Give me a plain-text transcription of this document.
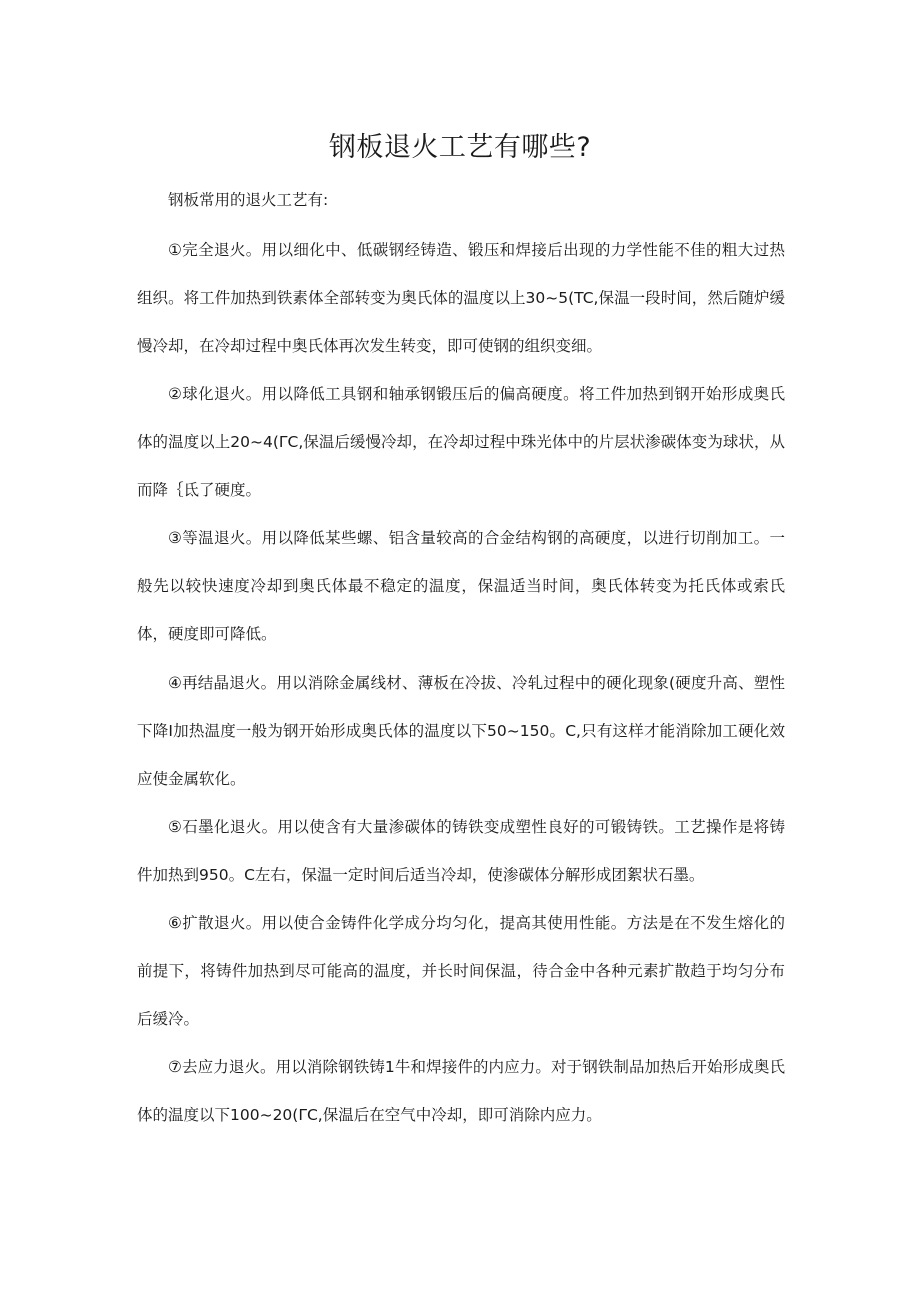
钢板退火工艺有哪些?
钢板常用的退火工艺有:

①完全退火。用以细化中、低碳钢经铸造、锻压和焊接后出现的力学性能不佳的粗大过热组织。将工件加热到铁素体全部转变为奥氏体的温度以上30~5(TC,保温一段时间，然后随炉缓慢冷却，在冷却过程中奥氏体再次发生转变，即可使钢的组织变细。

②球化退火。用以降低工具钢和轴承钢锻压后的偏高硬度。将工件加热到钢开始形成奥氏体的温度以上20~4(ΓC,保温后缓慢冷却，在冷却过程中珠光体中的片层状渗碳体变为球状，从而降｛氐了硬度。

③等温退火。用以降低某些螺、铝含量较高的合金结构钢的高硬度，以进行切削加工。一般先以较快速度冷却到奥氏体最不稳定的温度，保温适当时间，奥氏体转变为托氏体或索氏体，硬度即可降低。

④再结晶退火。用以消除金属线材、薄板在冷拔、冷轧过程中的硬化现象(硬度升高、塑性下降I加热温度一般为钢开始形成奥氏体的温度以下50~150。C,只有这样才能消除加工硬化效应使金属软化。

⑤石墨化退火。用以使含有大量渗碳体的铸铁变成塑性良好的可锻铸铁。工艺操作是将铸件加热到950。C左右，保温一定时间后适当冷却，使渗碳体分解形成团絮状石墨。

⑥扩散退火。用以使合金铸件化学成分均匀化，提高其使用性能。方法是在不发生熔化的前提下，将铸件加热到尽可能高的温度，并长时间保温，待合金中各种元素扩散趋于均匀分布后缓冷。

⑦去应力退火。用以消除钢铁铸1牛和焊接件的内应力。对于钢铁制品加热后开始形成奥氏体的温度以下100~20(ΓC,保温后在空气中冷却，即可消除内应力。
